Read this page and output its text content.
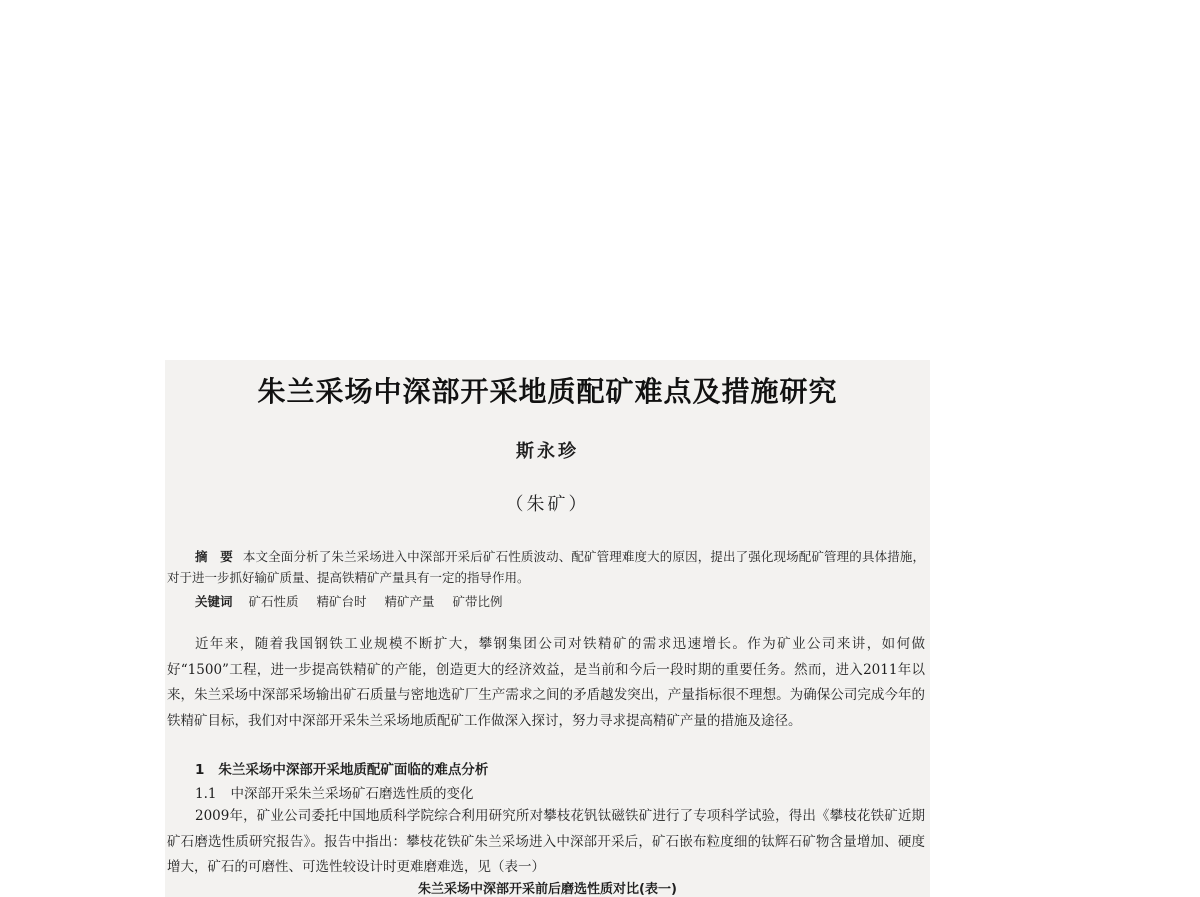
朱兰采场中深部开采地质配矿难点及措施研究
斯永珍
（朱矿）
摘　要 本文全面分析了朱兰采场进入中深部开采后矿石性质波动、配矿管理难度大的原因，提出了强化现场配矿管理的具体措施，对于进一步抓好输矿质量、提高铁精矿产量具有一定的指导作用。
关键词 矿石性质 精矿台时 精矿产量 矿带比例
近年来，随着我国钢铁工业规模不断扩大，攀钢集团公司对铁精矿的需求迅速增长。作为矿业公司来讲，如何做好“1500”工程，进一步提高铁精矿的产能，创造更大的经济效益，是当前和今后一段时期的重要任务。然而，进入2011年以来，朱兰采场中深部采场输出矿石质量与密地选矿厂生产需求之间的矛盾越发突出，产量指标很不理想。为确保公司完成今年的铁精矿目标，我们对中深部开采朱兰采场地质配矿工作做深入探讨，努力寻求提高精矿产量的措施及途径。
1 朱兰采场中深部开采地质配矿面临的难点分析
1.1 中深部开采朱兰采场矿石磨选性质的变化
2009年，矿业公司委托中国地质科学院综合利用研究所对攀枝花钒钛磁铁矿进行了专项科学试验，得出《攀枝花铁矿近期矿石磨选性质研究报告》。报告中指出：攀枝花铁矿朱兰采场进入中深部开采后，矿石嵌布粒度细的钛辉石矿物含量增加、硬度增大，矿石的可磨性、可选性较设计时更难磨难选，见（表一）
朱兰采场中深部开采前后磨选性质对比(表一)
